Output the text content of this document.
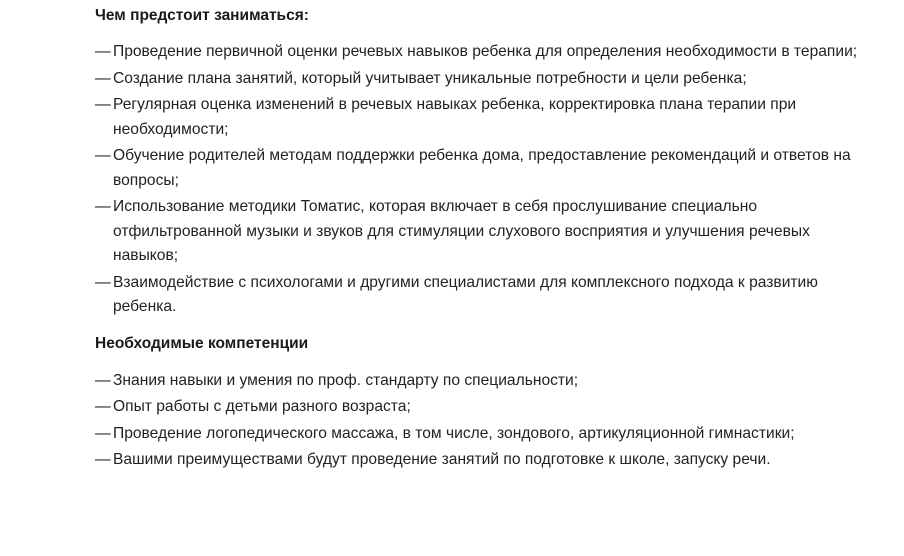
Чем предстоит заниматься:
— Проведение первичной оценки речевых навыков ребенка для определения необходимости в терапии;
— Создание плана занятий, который учитывает уникальные потребности и цели ребенка;
— Регулярная оценка изменений в речевых навыках ребенка, корректировка плана терапии при необходимости;
— Обучение родителей методам поддержки ребенка дома, предоставление рекомендаций и ответов на вопросы;
— Использование методики Томатис, которая включает в себя прослушивание специально отфильтрованной музыки и звуков для стимуляции слухового восприятия и улучшения речевых навыков;
— Взаимодействие с психологами и другими специалистами для комплексного подхода к развитию ребенка.
Необходимые компетенции
— Знания навыки и умения по проф. стандарту по специальности;
— Опыт работы с детьми разного возраста;
— Проведение логопедического массажа, в том числе, зондового, артикуляционной гимнастики;
— Вашими преимуществами будут проведение занятий по подготовке к школе, запуску речи.
